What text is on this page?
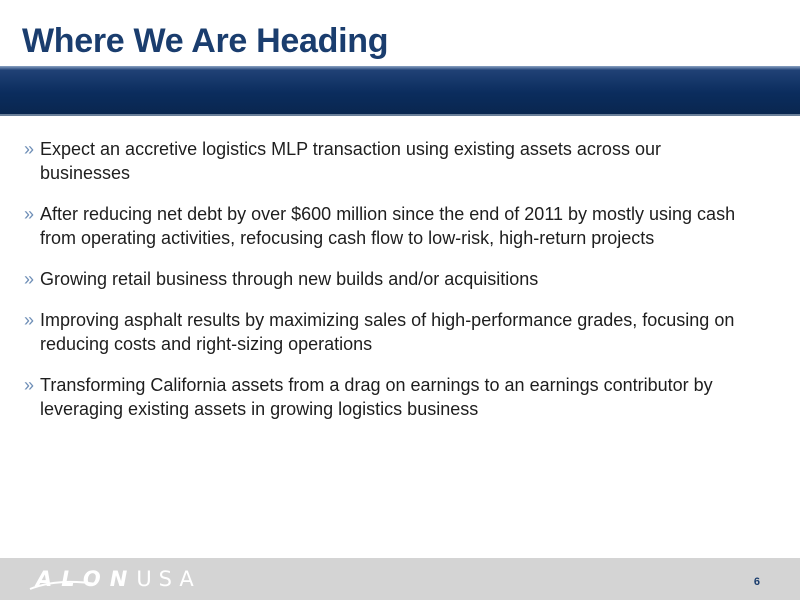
Where We Are Heading
» Expect an accretive logistics MLP transaction using existing assets across our businesses
» After reducing net debt by over $600 million since the end of 2011 by mostly using cash from operating activities, refocusing cash flow to low-risk, high-return projects
» Growing retail business through new builds and/or acquisitions
» Improving asphalt results by maximizing sales of high-performance grades, focusing on reducing costs and right-sizing operations
» Transforming California assets from a drag on earnings to an earnings contributor by leveraging existing assets in growing logistics business
ALON USA	6
